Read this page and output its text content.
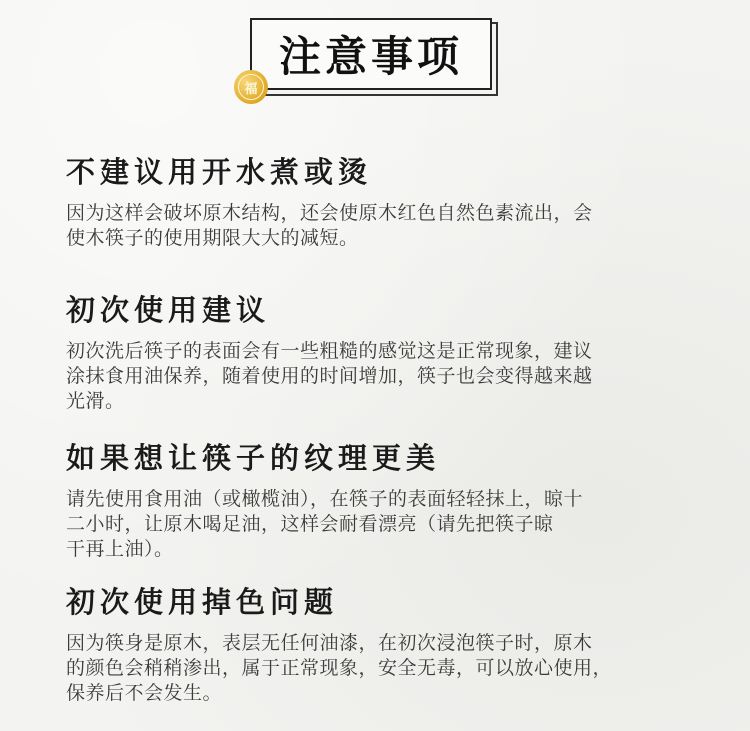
注意事项
福
不建议用开水煮或烫

因为这样会破坏原木结构，还会使原木红色自然色素流出，会
使木筷子的使用期限大大的减短。

初次使用建议

初次洗后筷子的表面会有一些粗糙的感觉这是正常现象，建议
涂抹食用油保养，随着使用的时间增加，筷子也会变得越来越
光滑。

如果想让筷子的纹理更美

请先使用食用油（或橄榄油），在筷子的表面轻轻抹上，晾十
二小时，让原木喝足油，这样会耐看漂亮（请先把筷子晾
干再上油）。

初次使用掉色问题

因为筷身是原木，表层无任何油漆，在初次浸泡筷子时，原木
的颜色会稍稍渗出，属于正常现象，安全无毒，可以放心使用，
保养后不会发生。
